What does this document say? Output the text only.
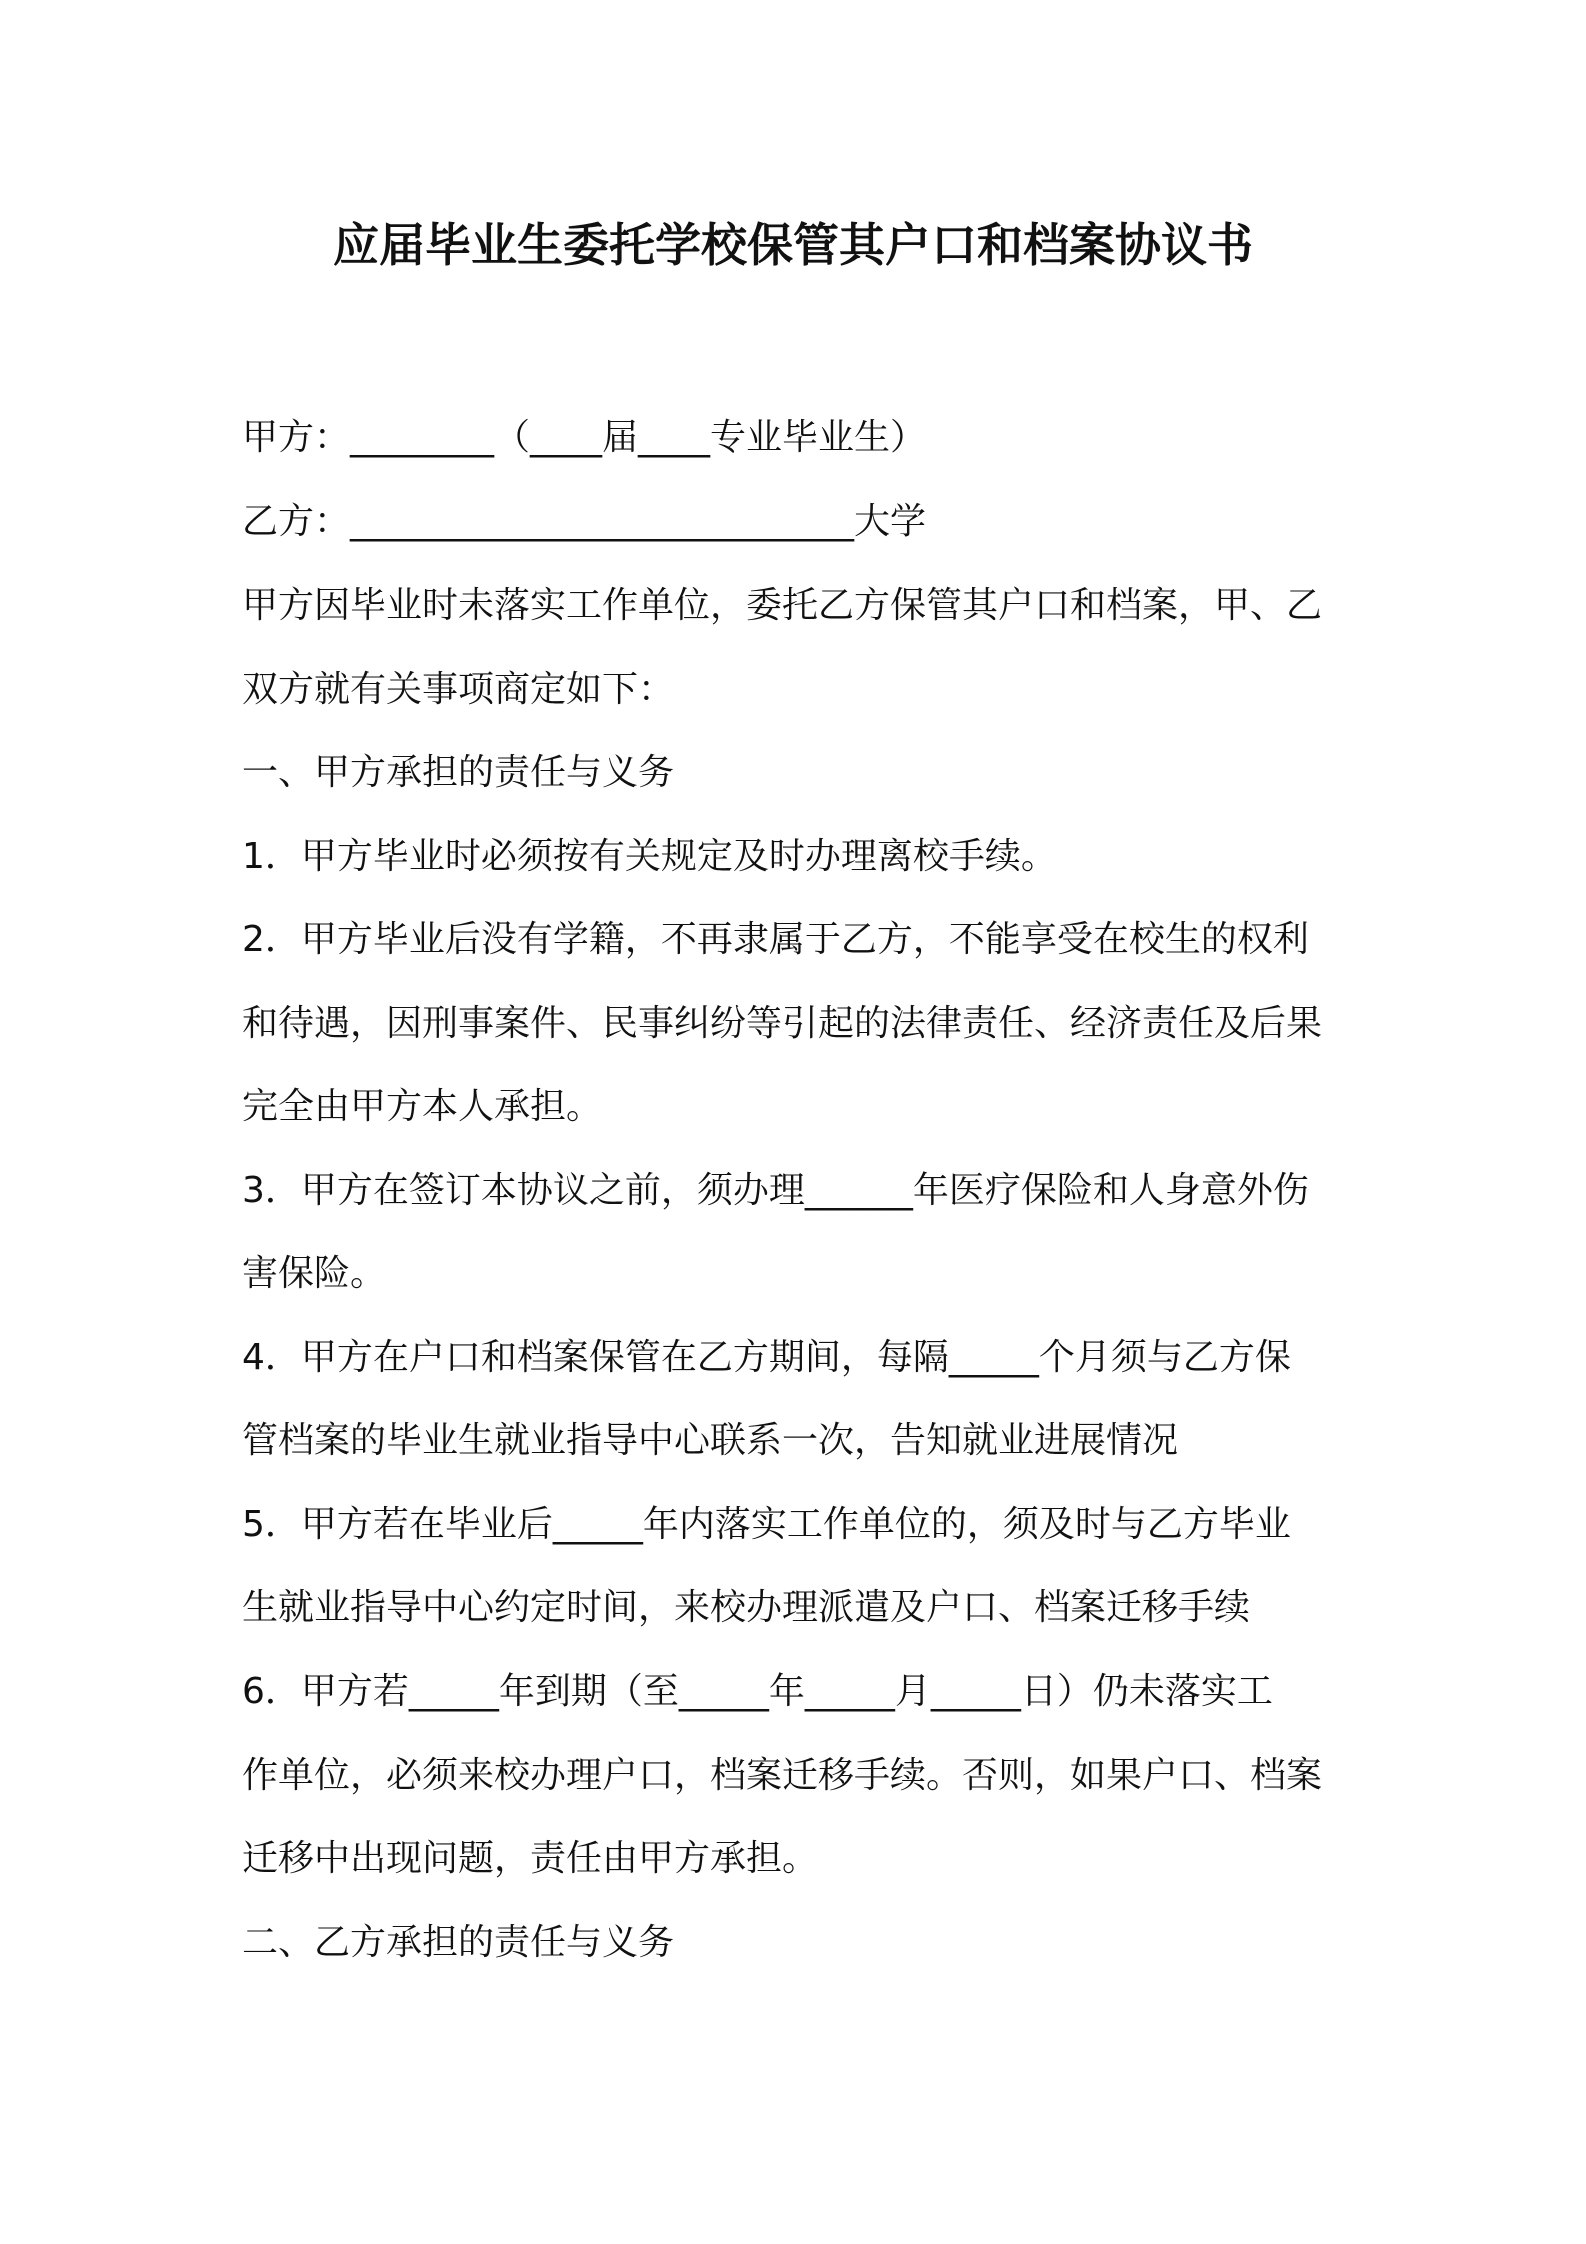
应届毕业生委托学校保管其户口和档案协议书
甲方：________（____届____专业毕业生）
乙方：____________________________大学
甲方因毕业时未落实工作单位，委托乙方保管其户口和档案，甲、乙
双方就有关事项商定如下：
一、甲方承担的责任与义务
1．甲方毕业时必须按有关规定及时办理离校手续。
2．甲方毕业后没有学籍，不再隶属于乙方，不能享受在校生的权利
和待遇，因刑事案件、民事纠纷等引起的法律责任、经济责任及后果
完全由甲方本人承担。
3．甲方在签订本协议之前，须办理______年医疗保险和人身意外伤
害保险。
4．甲方在户口和档案保管在乙方期间，每隔_____个月须与乙方保
管档案的毕业生就业指导中心联系一次，告知就业进展情况
5．甲方若在毕业后_____年内落实工作单位的，须及时与乙方毕业
生就业指导中心约定时间，来校办理派遣及户口、档案迁移手续
6．甲方若_____年到期（至_____年_____月_____日）仍未落实工
作单位，必须来校办理户口，档案迁移手续。否则，如果户口、档案
迁移中出现问题，责任由甲方承担。
二、乙方承担的责任与义务
